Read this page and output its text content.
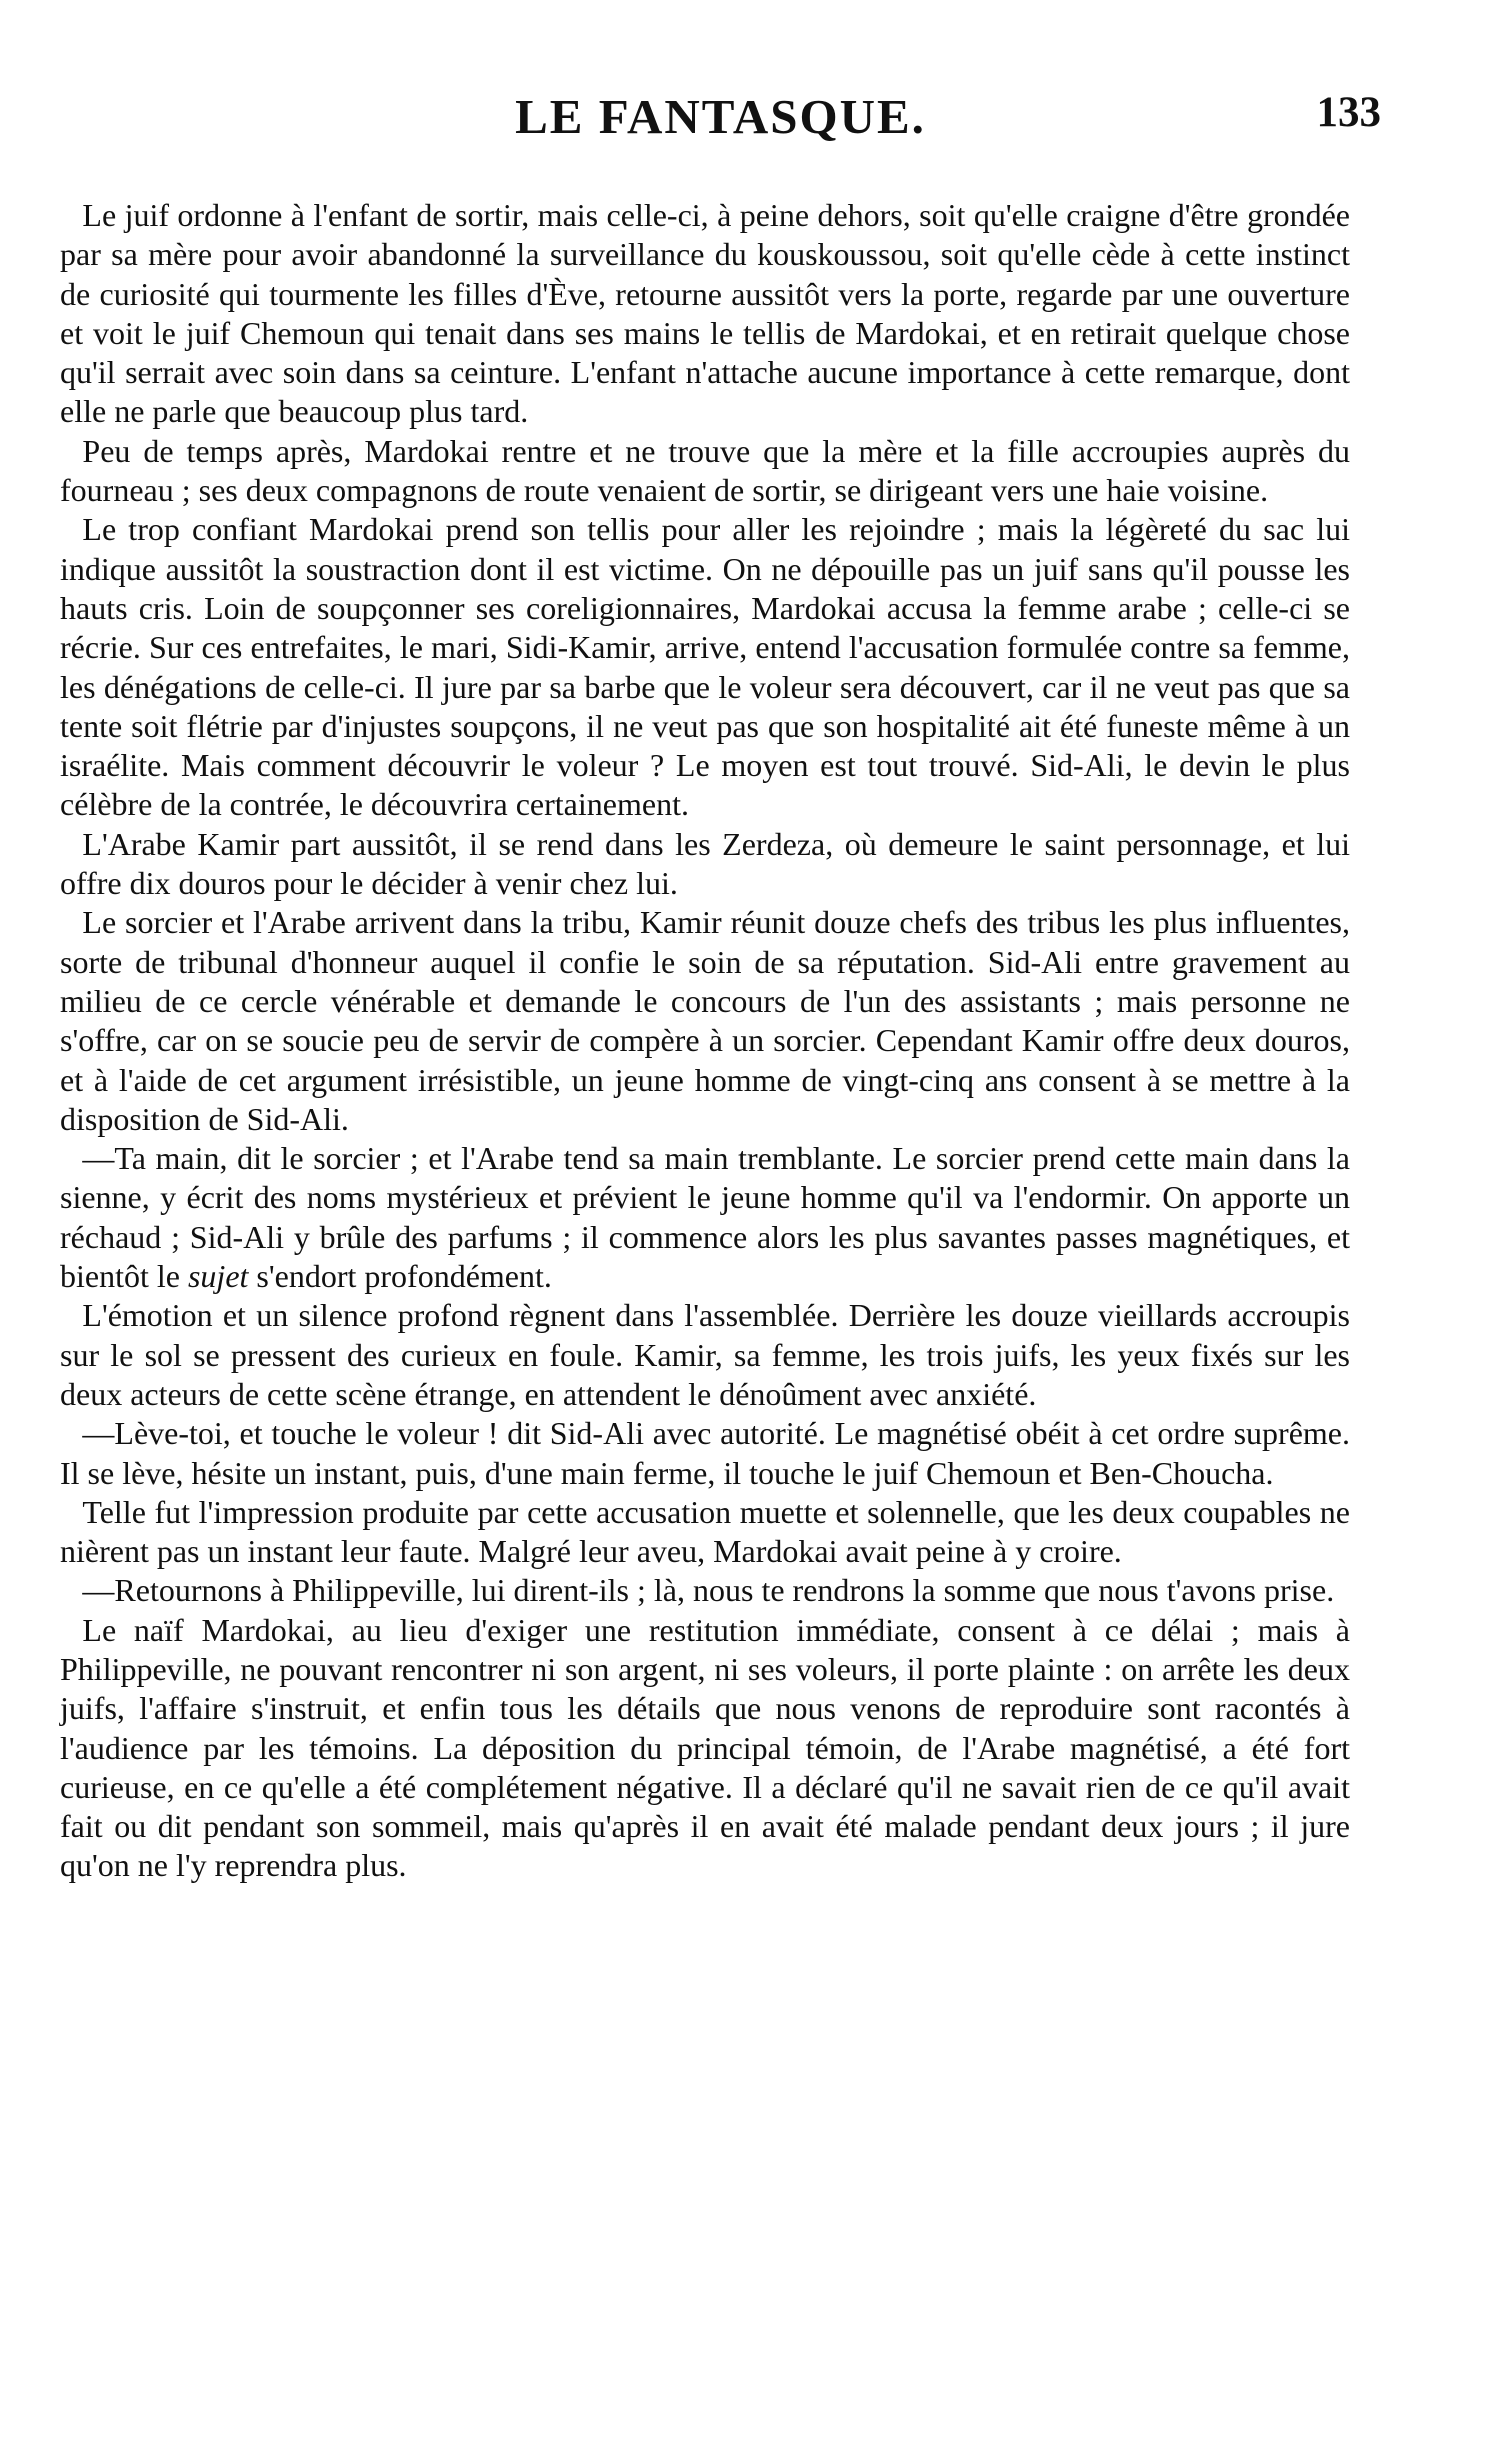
LE FANTASQUE.	133

Le juif ordonne à l'enfant de sortir, mais celle-ci, à peine dehors, soit qu'elle craigne d'être grondée par sa mère pour avoir abandonné la surveillance du kouskoussou, soit qu'elle cède à cette instinct de curiosité qui tourmente les filles d'Ève, retourne aussitôt vers la porte, regarde par une ouverture et voit le juif Chemoun qui tenait dans ses mains le tellis de Mardokai, et en retirait quelque chose qu'il serrait avec soin dans sa ceinture. L'enfant n'attache aucune importance à cette remarque, dont elle ne parle que beaucoup plus tard.

Peu de temps après, Mardokai rentre et ne trouve que la mère et la fille accroupies auprès du fourneau ; ses deux compagnons de route venaient de sortir, se dirigeant vers une haie voisine.

Le trop confiant Mardokai prend son tellis pour aller les rejoindre ; mais la légèreté du sac lui indique aussitôt la soustraction dont il est victime. On ne dépouille pas un juif sans qu'il pousse les hauts cris. Loin de soupçonner ses coreligionnaires, Mardokai accusa la femme arabe ; celle-ci se récrie. Sur ces entrefaites, le mari, Sidi-Kamir, arrive, entend l'accusation formulée contre sa femme, les dénégations de celle-ci. Il jure par sa barbe que le voleur sera découvert, car il ne veut pas que sa tente soit flétrie par d'injustes soupçons, il ne veut pas que son hospitalité ait été funeste même à un israélite. Mais comment découvrir le voleur ? Le moyen est tout trouvé. Sid-Ali, le devin le plus célèbre de la contrée, le découvrira certainement.

L'Arabe Kamir part aussitôt, il se rend dans les Zerdeza, où demeure le saint personnage, et lui offre dix douros pour le décider à venir chez lui.

Le sorcier et l'Arabe arrivent dans la tribu, Kamir réunit douze chefs des tribus les plus influentes, sorte de tribunal d'honneur auquel il confie le soin de sa réputation. Sid-Ali entre gravement au milieu de ce cercle vénérable et demande le concours de l'un des assistants ; mais personne ne s'offre, car on se soucie peu de servir de compère à un sorcier. Cependant Kamir offre deux douros, et à l'aide de cet argument irrésistible, un jeune homme de vingt-cinq ans consent à se mettre à la disposition de Sid-Ali.

—Ta main, dit le sorcier ; et l'Arabe tend sa main tremblante. Le sorcier prend cette main dans la sienne, y écrit des noms mystérieux et prévient le jeune homme qu'il va l'endormir. On apporte un réchaud ; Sid-Ali y brûle des parfums ; il commence alors les plus savantes passes magnétiques, et bientôt le sujet s'endort profondément.

L'émotion et un silence profond règnent dans l'assemblée. Derrière les douze vieillards accroupis sur le sol se pressent des curieux en foule. Kamir, sa femme, les trois juifs, les yeux fixés sur les deux acteurs de cette scène étrange, en attendent le dénoûment avec anxiété.

—Lève-toi, et touche le voleur ! dit Sid-Ali avec autorité. Le magnétisé obéit à cet ordre suprême. Il se lève, hésite un instant, puis, d'une main ferme, il touche le juif Chemoun et Ben-Choucha.

Telle fut l'impression produite par cette accusation muette et solennelle, que les deux coupables ne nièrent pas un instant leur faute. Malgré leur aveu, Mardokai avait peine à y croire.

—Retournons à Philippeville, lui dirent-ils ; là, nous te rendrons la somme que nous t'avons prise.

Le naïf Mardokai, au lieu d'exiger une restitution immédiate, consent à ce délai ; mais à Philippeville, ne pouvant rencontrer ni son argent, ni ses voleurs, il porte plainte : on arrête les deux juifs, l'affaire s'instruit, et enfin tous les détails que nous venons de reproduire sont racontés à l'audience par les témoins. La déposition du principal témoin, de l'Arabe magnétisé, a été fort curieuse, en ce qu'elle a été complétement négative. Il a déclaré qu'il ne savait rien de ce qu'il avait fait ou dit pendant son sommeil, mais qu'après il en avait été malade pendant deux jours ; il jure qu'on ne l'y reprendra plus.
